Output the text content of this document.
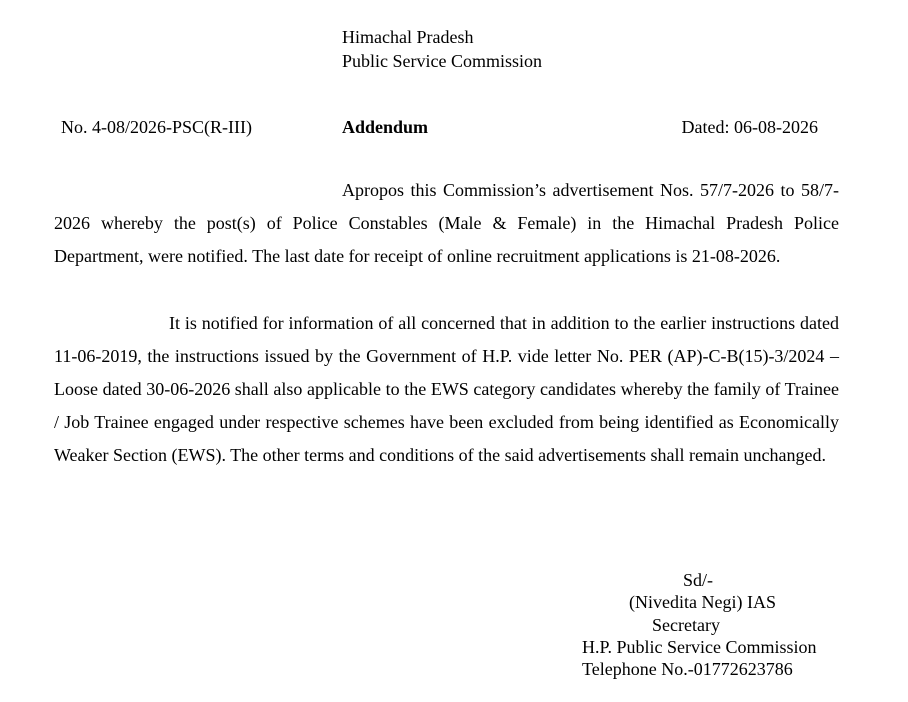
Himachal Pradesh
Public Service Commission
No. 4-08/2026-PSC(R-III)	Addendum	Dated: 06-08-2026

Apropos this Commission’s advertisement Nos. 57/7-2026 to 58/7-2026 whereby the post(s) of Police Constables (Male & Female) in the Himachal Pradesh Police Department, were notified. The last date for receipt of online recruitment applications is 21-08-2026.

It is notified for information of all concerned that in addition to the earlier instructions dated 11-06-2019, the instructions issued by the Government of H.P. vide letter No. PER (AP)-C-B(15)-3/2024 – Loose dated 30-06-2026 shall also applicable to the EWS category candidates whereby the family of Trainee / Job Trainee engaged under respective schemes have been excluded from being identified as Economically Weaker Section (EWS). The other terms and conditions of the said advertisements shall remain unchanged.

Sd/-
(Nivedita Negi) IAS
Secretary
H.P. Public Service Commission
Telephone No.-01772623786
